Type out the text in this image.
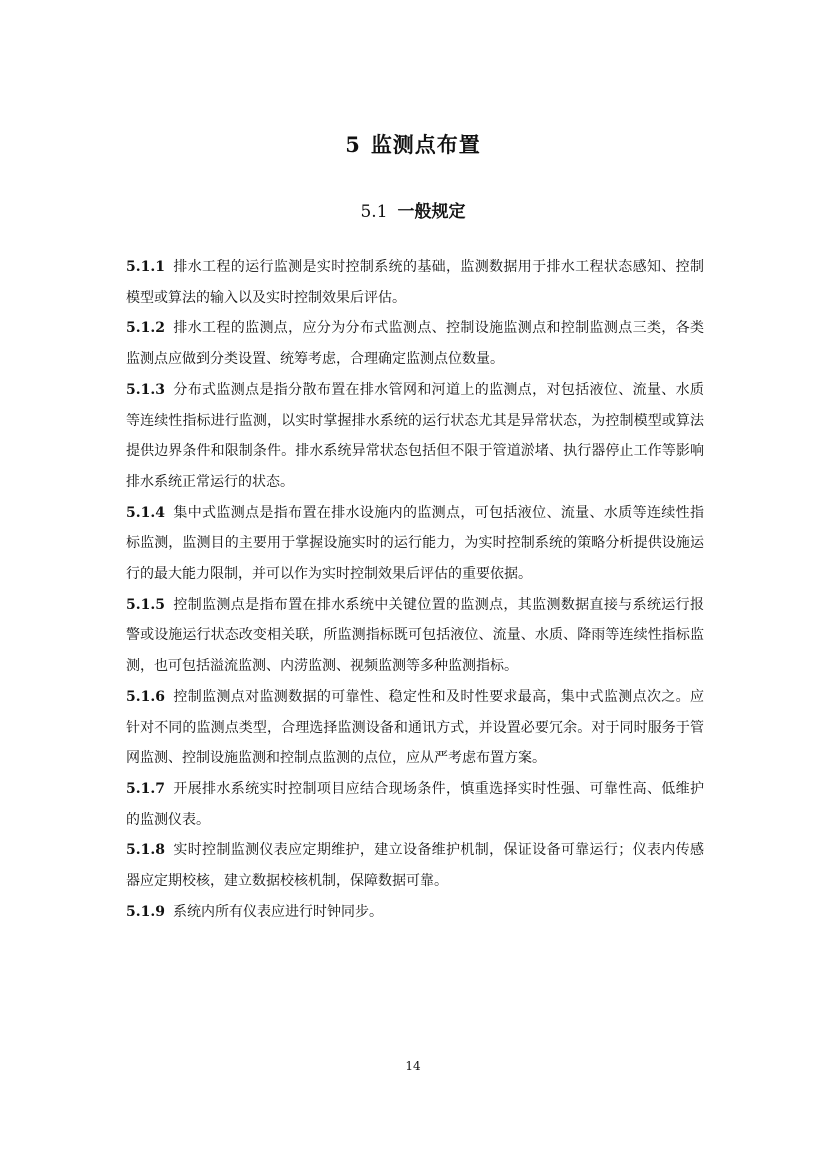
5 监测点布置
5.1 一般规定

5.1.1 排水工程的运行监测是实时控制系统的基础，监测数据用于排水工程状态感知、控制模型或算法的输入以及实时控制效果后评估。

5.1.2 排水工程的监测点，应分为分布式监测点、控制设施监测点和控制监测点三类，各类监测点应做到分类设置、统筹考虑，合理确定监测点位数量。

5.1.3 分布式监测点是指分散布置在排水管网和河道上的监测点，对包括液位、流量、水质等连续性指标进行监测，以实时掌握排水系统的运行状态尤其是异常状态，为控制模型或算法提供边界条件和限制条件。排水系统异常状态包括但不限于管道淤堵、执行器停止工作等影响排水系统正常运行的状态。

5.1.4 集中式监测点是指布置在排水设施内的监测点，可包括液位、流量、水质等连续性指标监测，监测目的主要用于掌握设施实时的运行能力，为实时控制系统的策略分析提供设施运行的最大能力限制，并可以作为实时控制效果后评估的重要依据。

5.1.5 控制监测点是指布置在排水系统中关键位置的监测点，其监测数据直接与系统运行报警或设施运行状态改变相关联，所监测指标既可包括液位、流量、水质、降雨等连续性指标监测，也可包括溢流监测、内涝监测、视频监测等多种监测指标。

5.1.6 控制监测点对监测数据的可靠性、稳定性和及时性要求最高，集中式监测点次之。应针对不同的监测点类型，合理选择监测设备和通讯方式，并设置必要冗余。对于同时服务于管网监测、控制设施监测和控制点监测的点位，应从严考虑布置方案。

5.1.7 开展排水系统实时控制项目应结合现场条件，慎重选择实时性强、可靠性高、低维护的监测仪表。

5.1.8 实时控制监测仪表应定期维护，建立设备维护机制，保证设备可靠运行；仪表内传感器应定期校核，建立数据校核机制，保障数据可靠。

5.1.9 系统内所有仪表应进行时钟同步。

14
